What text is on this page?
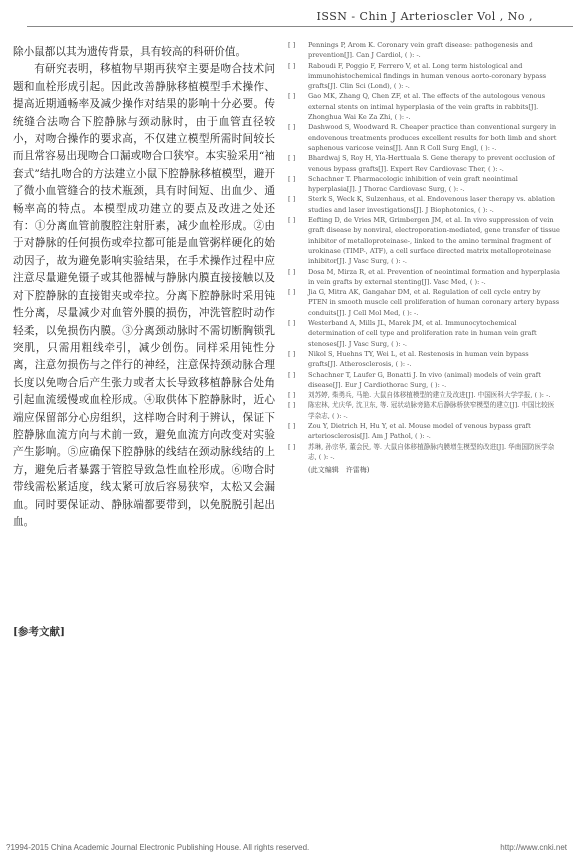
ISSN - Chin J Arterioscler Vol , No ,

除小鼠都以其为遗传背景，具有较高的科研价值。

有研究表明，移植物早期再狭窄主要是吻合技术问题和血栓形成引起。因此改善静脉移植模型手术操作、提高近期通畅率及减少操作对结果的影响十分必要。传统缝合法吻合下腔静脉与颈动脉时，由于血管直径较小，对吻合操作的要求高，不仅建立模型所需时间较长而且常容易出现吻合口漏或吻合口狭窄。本实验采用“袖套式”结扎吻合的方法建立小鼠下腔静脉移植模型，避开了微小血管缝合的技术瓶颈，具有时间短、出血少、通畅率高的特点。本模型成功建立的要点及改进之处还有：①分离血管前腹腔注射肝素，减少血栓形成。②由于对静脉的任何损伤或牵拉都可能是血管粥样硬化的始动因子，故为避免影响实验结果，在手术操作过程中应注意尽量避免镊子或其他器械与静脉内膜直接接触以及对下腔静脉的直接钳夹或牵拉。分离下腔静脉时采用钝性分离，尽量减少对血管外膜的损伤，冲洗管腔时动作轻柔，以免损伤内膜。③分离颈动脉时不需切断胸锁乳突肌，只需用粗线牵引，减少创伤。同样采用钝性分离，注意勿损伤与之伴行的神经，注意保持颈动脉合理长度以免吻合后产生张力或者太长导致移植静脉合处角引起血流缓慢或血栓形成。④取供体下腔静脉时，近心端应保留部分心房组织，这样吻合时利于辨认，保证下腔静脉血流方向与术前一致，避免血流方向改变对实验产生影响。⑤应确保下腔静脉的线结在颈动脉线结的上方，避免后者暴露于管腔导致急性血栓形成。⑥吻合时带线需松紧适度，线太紧可放后容易狭窄，太松又会漏血。同时要保证动、静脉端都要带到，以免脱脱引起出血。

[参考文献]
[ ]	Pennings P, Arom K. Coronary vein graft disease: pathogenesis and prevention[J]. Can J Cardiol, ( ): -.
[ ]	Raboudi F, Poggio F, Ferrero V, et al. Long term histological and immunohistochemical findings in human venous aorto-coronary bypass grafts[J]. Clin Sci (Lond), ( ): -.
[ ]	Gao MK, Zhang Q, Chen ZF, et al. The effects of the autologous venous external stents on intimal hyperplasia of the vein grafts in rabbits[J]. Zhonghua Wai Ke Za Zhi, ( ): -.
[ ]	Dashwood S, Woodward R. Cheaper practice than conventional surgery in endovenous treatments produces excellent results for both limb and short saphenous varicose veins[J]. Ann R Coll Surg Engl, ( ): -.
[ ]	Bhardwaj S, Roy H, Yla-Herttuala S. Gene therapy to prevent occlusion of venous bypass grafts[J]. Expert Rev Cardiovasc Ther, ( ): -.
[ ]	Schachner T. Pharmacologic inhibition of vein graft neointimal hyperplasia[J]. J Thorac Cardiovasc Surg, ( ): -.
[ ]	Sterk S, Weck K, Sulzenhaus, et al. Endovenous laser therapy vs. ablation studies and laser investigations[J]. J Biophotonics, ( ): -.
[ ]	Eefting D, de Vries MR, Grimbergen JM, et al. In vivo suppression of vein graft disease by nonviral, electroporation-mediated, gene transfer of tissue inhibitor of metalloproteinase-, linked to the amino terminal fragment of urokinase (TIMP-, ATF), a cell surface directed matrix metalloproteinase inhibitor[J]. J Vasc Surg, ( ): -.
[ ]	Dosa M, Mirza R, et al. Prevention of neointimal formation and hyperplasia in vein grafts by external stenting[J]. Vasc Med, ( ): -.
[ ]	Jia G, Mitra AK, Gangahar DM, et al. Regulation of cell cycle entry by PTEN in smooth muscle cell proliferation of human coronary artery bypass conduits[J]. J Cell Mol Med, ( ): -.
[ ]	Westerband A, Mills JL, Marek JM, et al. Immunocytochemical determination of cell type and proliferation rate in human vein graft stenoses[J]. J Vasc Surg, ( ): -.
[ ]	Nikol S, Huehns TY, Wei L, et al. Restenosis in human vein bypass grafts[J]. Atherosclerosis, ( ): -.
[ ]	Schachner T, Laufer G, Bonatti J. In vivo (animal) models of vein graft disease[J]. Eur J Cardiothorac Surg, ( ): -.
[ ]	刘苏婷, 柴勇兵, 马艳. 大鼠自体移植模型的建立及改进[J]. 中国医科大学学报, ( ): -.
[ ]	陈宏林, 尤庆华, 沈卫东, 等. 冠状动脉旁路术后静脉桥狭窄模型的建立[J]. 中国比较医学杂志, ( ): -.
[ ]	Zou Y, Dietrich H, Hu Y, et al. Mouse model of venous bypass graft arteriosclerosis[J]. Am J Pathol, ( ): -.
[ ]	苏琳, 孙宗华, 董会民, 等. 大鼠自体移植静脉内膜增生模型的改进[J]. 华南国防医学杂志, ( ): -.
(此文编辑　许雷梅)
?1994-2015 China Academic Journal Electronic Publishing House. All rights reserved.	http://www.cnki.net
